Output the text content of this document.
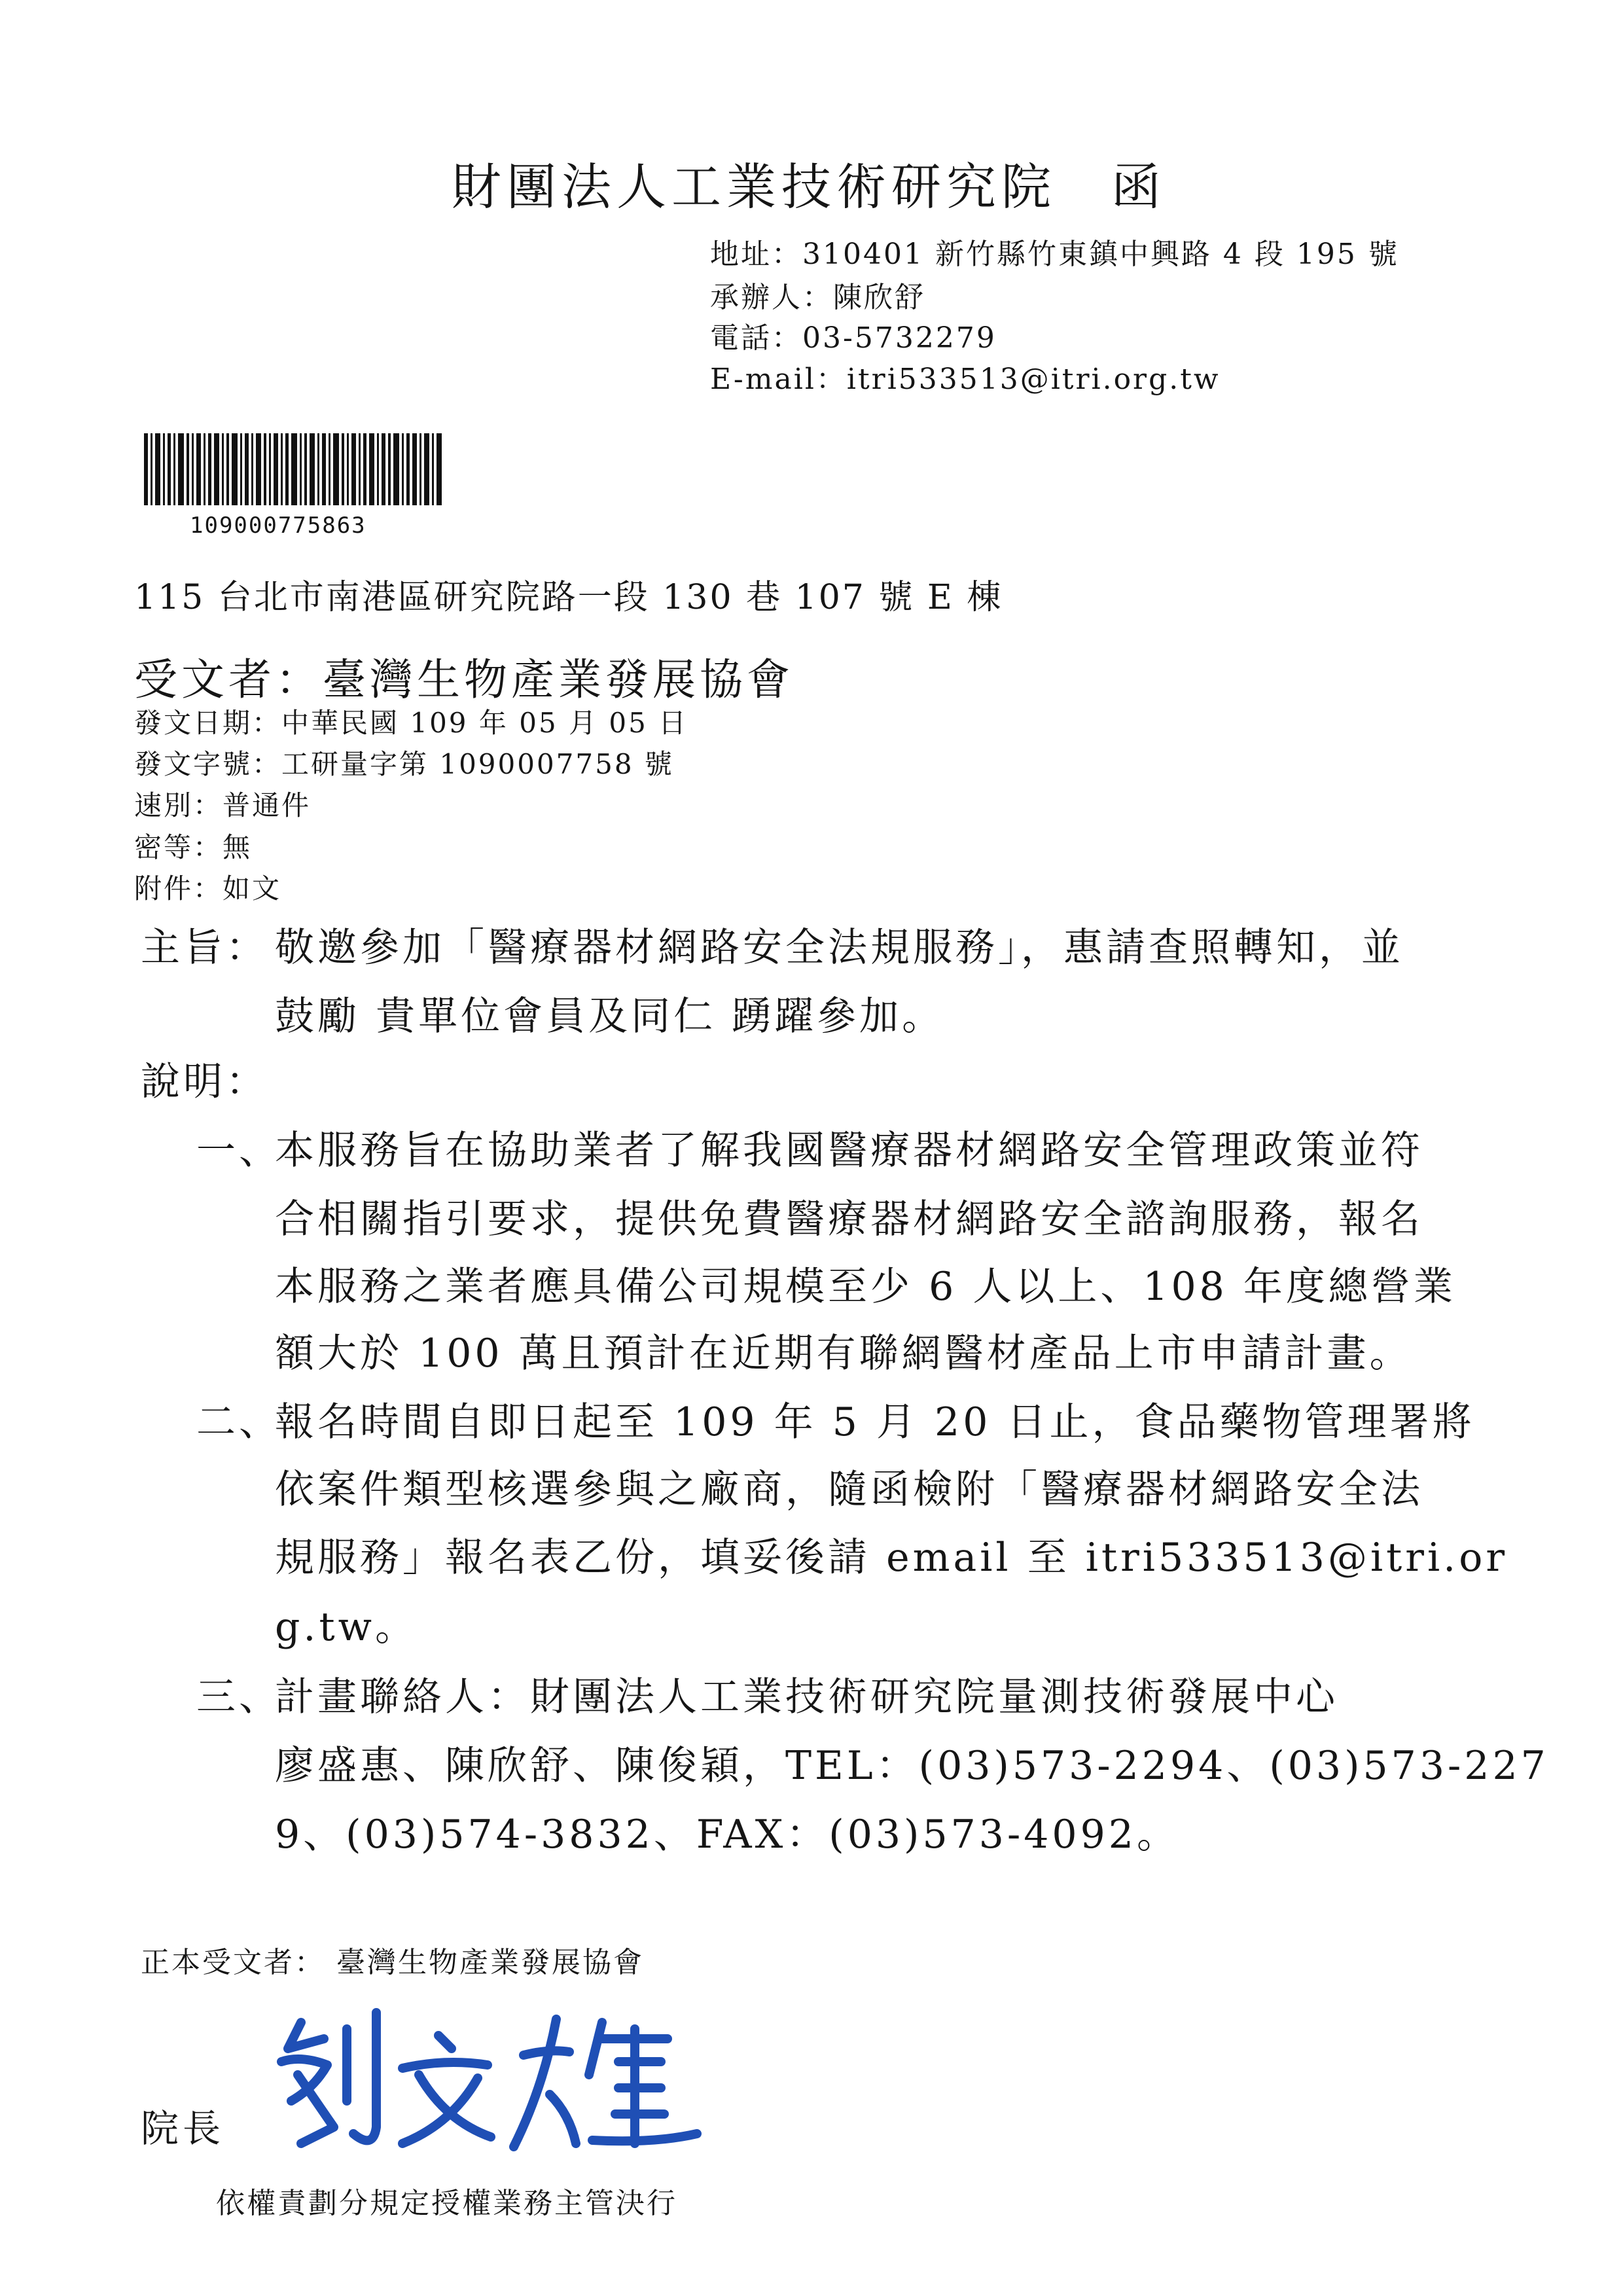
財團法人工業技術研究院　函
地址：310401 新竹縣竹東鎮中興路 4 段 195 號
承辦人：陳欣舒
電話：03-5732279
E-mail：itri533513@itri.org.tw
109000775863
115 台北市南港區研究院路一段 130 巷 107 號 E 棟
受文者：臺灣生物產業發展協會
發文日期：中華民國 109 年 05 月 05 日
發文字號：工研量字第 1090007758 號
速別：普通件
密等：無
附件：如文
主旨： 敬邀參加「醫療器材網路安全法規服務」，惠請查照轉知，並
鼓勵 貴單位會員及同仁 踴躍參加。
說明：
一、
本服務旨在協助業者了解我國醫療器材網路安全管理政策並符
合相關指引要求，提供免費醫療器材網路安全諮詢服務，報名
本服務之業者應具備公司規模至少 6 人以上、108 年度總營業
額大於 100 萬且預計在近期有聯網醫材產品上市申請計畫。
二、
報名時間自即日起至 109 年 5 月 20 日止，食品藥物管理署將
依案件類型核選參與之廠商，隨函檢附「醫療器材網路安全法
規服務」報名表乙份，填妥後請 email 至 itri533513@itri.or
g.tw。
三、
計畫聯絡人：財團法人工業技術研究院量測技術發展中心
廖盛惠、陳欣舒、陳俊穎，TEL：(03)573-2294、(03)573-227
9、(03)574-3832、FAX：(03)573-4092。
正本受文者： 臺灣生物產業發展協會
院長
依權責劃分規定授權業務主管決行
